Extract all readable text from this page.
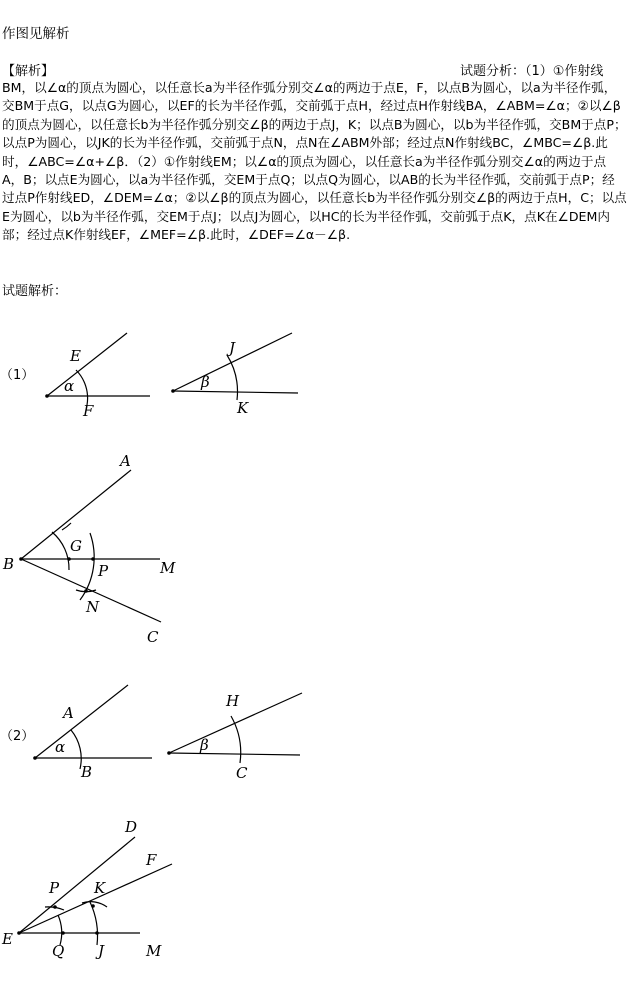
作图见解析
【解析】	试题分析：（1）①作射线
BM，以∠α的顶点为圆心，以任意长a为半径作弧分别交∠α的两边于点E，F，以点B为圆心，以a为半径作弧，交BM于点G，以点G为圆心，以EF的长为半径作弧，交前弧于点H，经过点H作射线BA，∠ABM=∠α；②以∠β的顶点为圆心，以任意长b为半径作弧分别交∠β的两边于点J，K；以点B为圆心，以b为半径作弧，交BM于点P；以点P为圆心，以JK的长为半径作弧，交前弧于点N，点N在∠ABM外部；经过点N作射线BC，∠MBC=∠β.此时，∠ABC=∠α+∠β．（2）①作射线EM；以∠α的顶点为圆心，以任意长a为半径作弧分别交∠α的两边于点A，B；以点E为圆心，以a为半径作弧，交EM于点Q；以点Q为圆心，以AB的长为半径作弧，交前弧于点P；经过点P作射线ED，∠DEM=∠α；②以∠β的顶点为圆心，以任意长b为半径作弧分别交∠β的两边于点H，C；以点E为圆心，以b为半径作弧，交EM于点J；以点J为圆心，以HC的长为半径作弧，交前弧于点K，点K在∠DEM内部；经过点K作射线EF，∠MEF=∠β.此时，∠DEF=∠α－∠β.
试题解析：
（1）
（2）
E
F
α
J
K
β
A
B
G
P	M
N
C
A
B
α
H
C
β
D
F
P K
E
Q J	M
